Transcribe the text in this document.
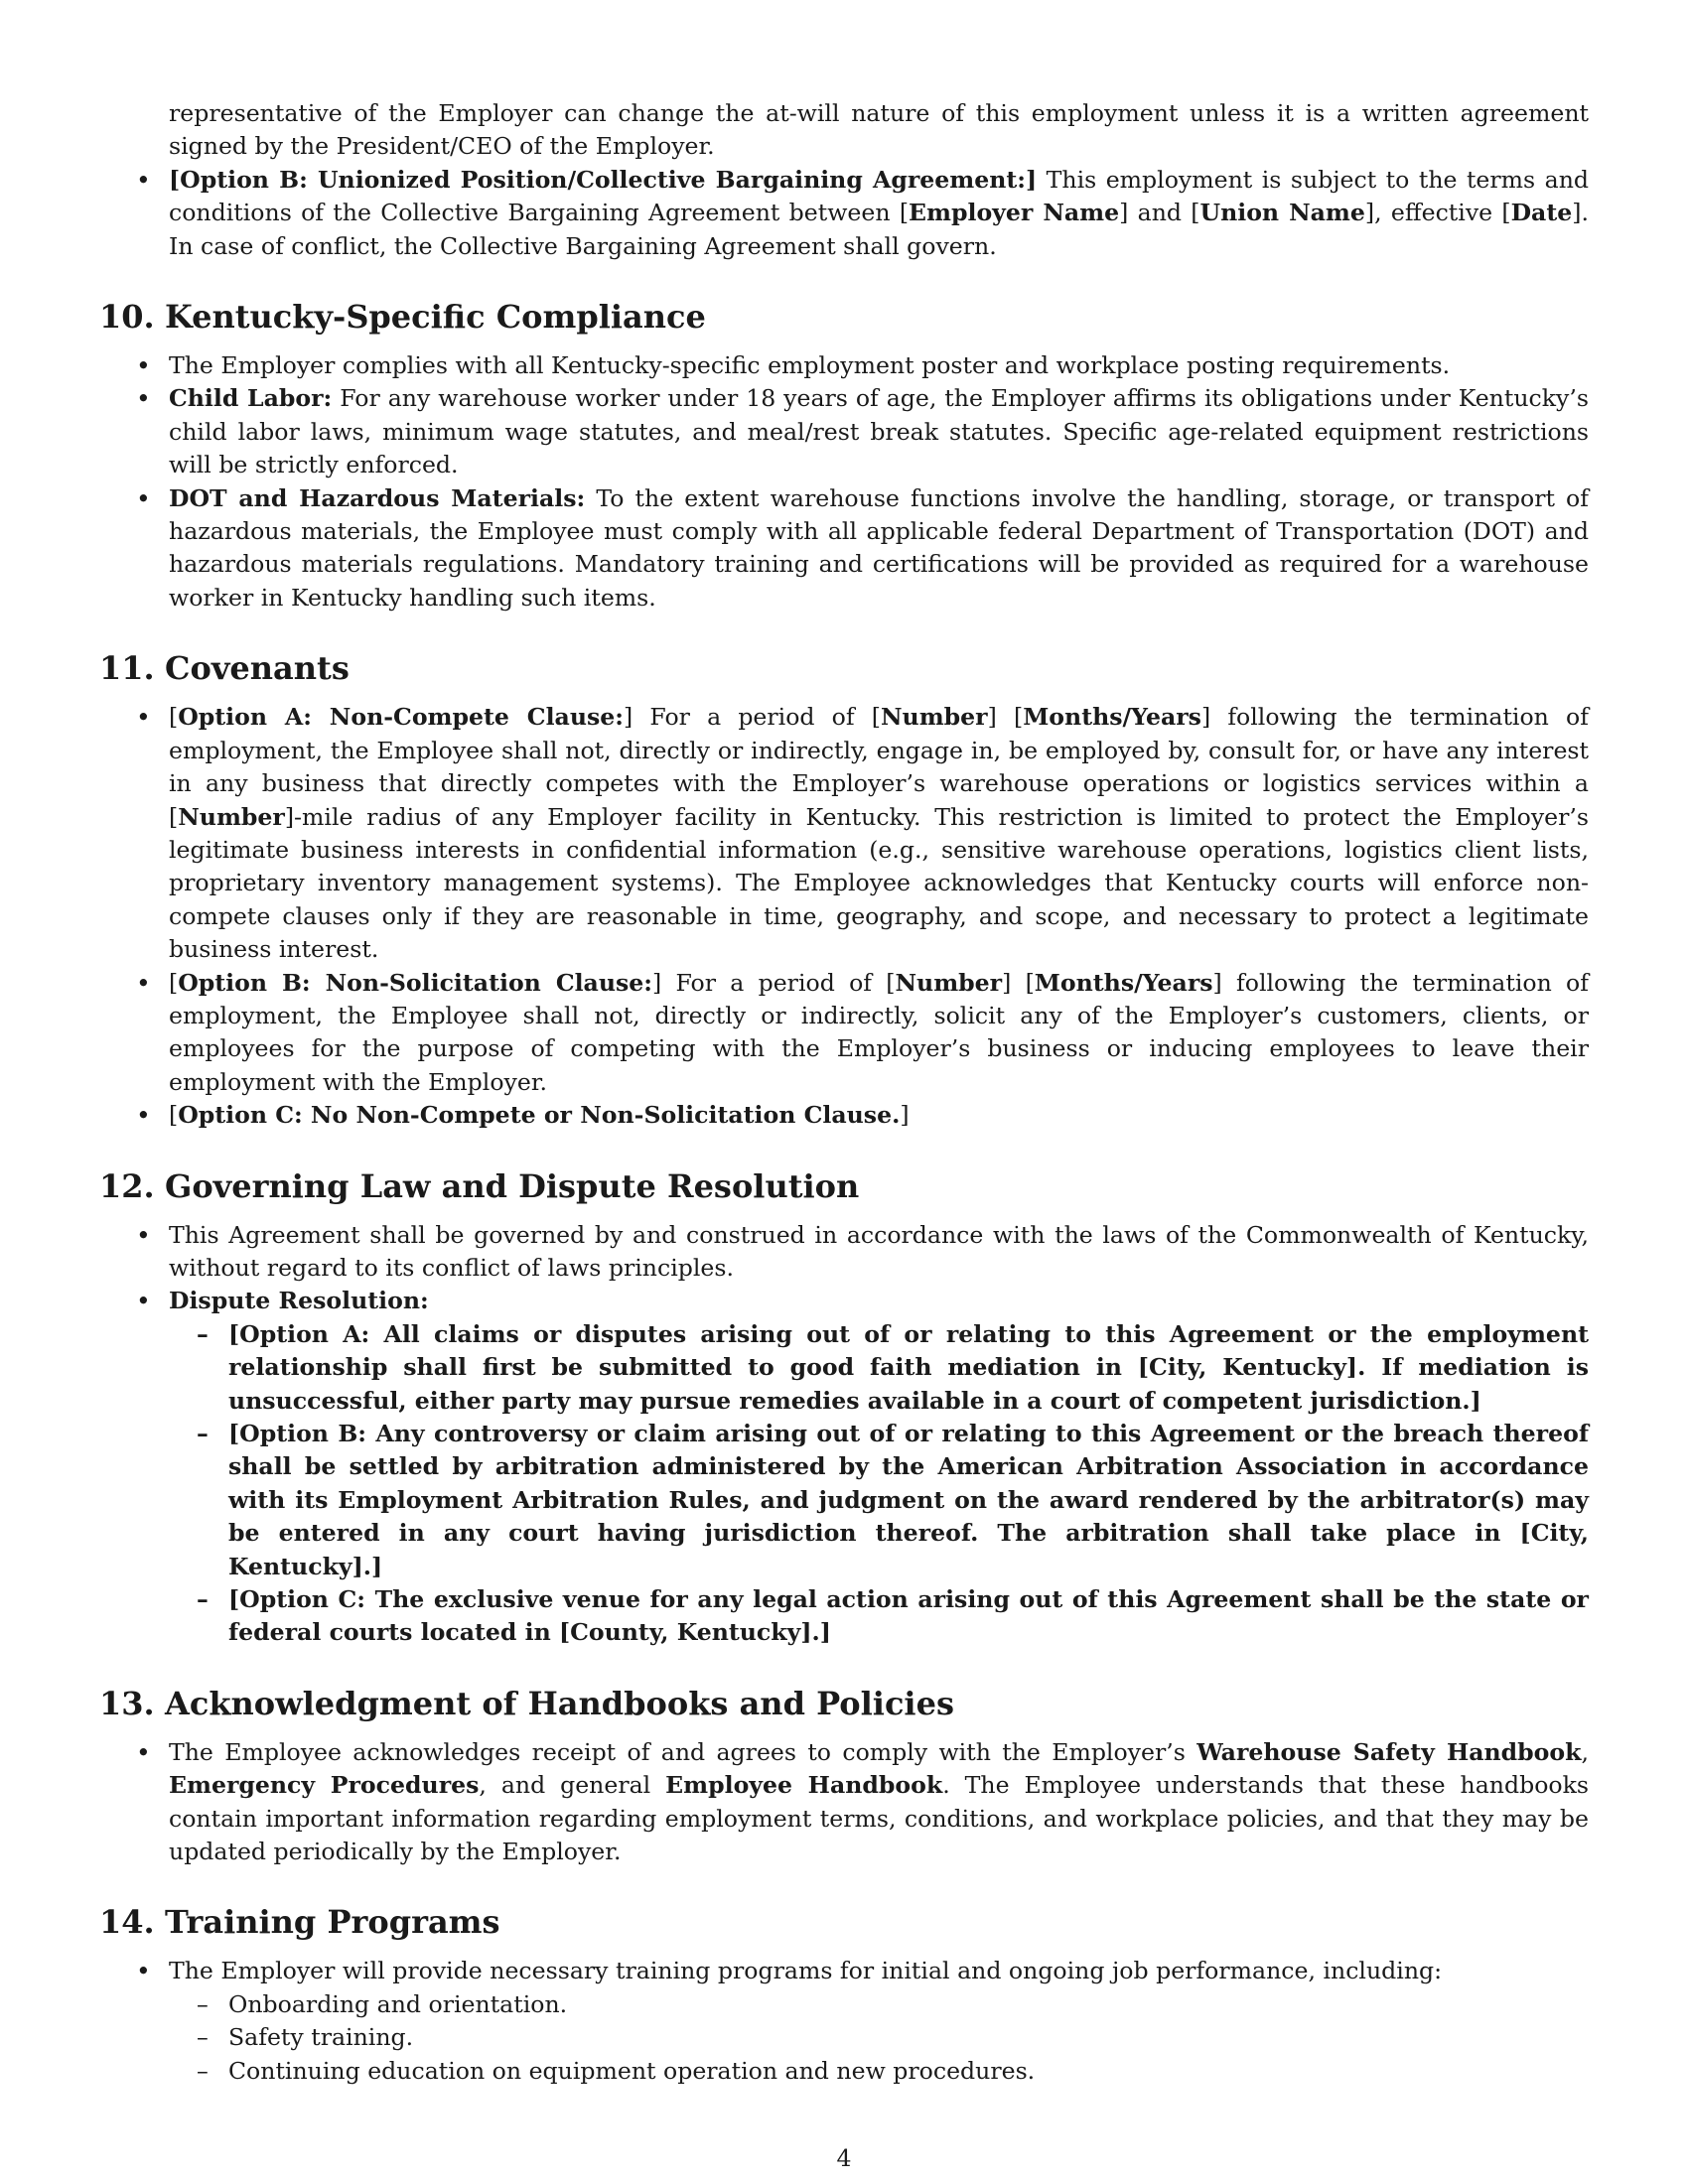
representative of the Employer can change the at-will nature of this employment unless it is a written agreement signed by the President/CEO of the Employer.
• [Option B: Unionized Position/Collective Bargaining Agreement:] This employment is subject to the terms and conditions of the Collective Bargaining Agreement between [Employer Name] and [Union Name], effective [Date]. In case of conflict, the Collective Bargaining Agreement shall govern.
10. Kentucky-Specific Compliance
• The Employer complies with all Kentucky-specific employment poster and workplace posting requirements.
• Child Labor: For any warehouse worker under 18 years of age, the Employer affirms its obligations under Kentucky’s child labor laws, minimum wage statutes, and meal/rest break statutes. Specific age-related equipment restrictions will be strictly enforced.
• DOT and Hazardous Materials: To the extent warehouse functions involve the handling, storage, or transport of hazardous materials, the Employee must comply with all applicable federal Department of Transportation (DOT) and hazardous materials regulations. Mandatory training and certifications will be provided as required for a warehouse worker in Kentucky handling such items.
11. Covenants
• [Option A: Non-Compete Clause:] For a period of [Number] [Months/Years] following the termination of employment, the Employee shall not, directly or indirectly, engage in, be employed by, consult for, or have any interest in any business that directly competes with the Employer’s warehouse operations or logistics services within a [Number]-mile radius of any Employer facility in Kentucky. This restriction is limited to protect the Employer’s legitimate business interests in confidential information (e.g., sensitive warehouse operations, logistics client lists, proprietary inventory management systems). The Employee acknowledges that Kentucky courts will enforce non-compete clauses only if they are reasonable in time, geography, and scope, and necessary to protect a legitimate business interest.
• [Option B: Non-Solicitation Clause:] For a period of [Number] [Months/Years] following the termination of employment, the Employee shall not, directly or indirectly, solicit any of the Employer’s customers, clients, or employees for the purpose of competing with the Employer’s business or inducing employees to leave their employment with the Employer.
• [Option C: No Non-Compete or Non-Solicitation Clause.]
12. Governing Law and Dispute Resolution
• This Agreement shall be governed by and construed in accordance with the laws of the Commonwealth of Kentucky, without regard to its conflict of laws principles.
• Dispute Resolution:
– [Option A: All claims or disputes arising out of or relating to this Agreement or the employment relationship shall first be submitted to good faith mediation in [City, Kentucky]. If mediation is unsuccessful, either party may pursue remedies available in a court of competent jurisdiction.]
– [Option B: Any controversy or claim arising out of or relating to this Agreement or the breach thereof shall be settled by arbitration administered by the American Arbitration Association in accordance with its Employment Arbitration Rules, and judgment on the award rendered by the arbitrator(s) may be entered in any court having jurisdiction thereof. The arbitration shall take place in [City, Kentucky].]
– [Option C: The exclusive venue for any legal action arising out of this Agreement shall be the state or federal courts located in [County, Kentucky].]
13. Acknowledgment of Handbooks and Policies
• The Employee acknowledges receipt of and agrees to comply with the Employer’s Warehouse Safety Handbook, Emergency Procedures, and general Employee Handbook. The Employee understands that these handbooks contain important information regarding employment terms, conditions, and workplace policies, and that they may be updated periodically by the Employer.
14. Training Programs
• The Employer will provide necessary training programs for initial and ongoing job performance, including:
– Onboarding and orientation.
– Safety training.
– Continuing education on equipment operation and new procedures.
4
